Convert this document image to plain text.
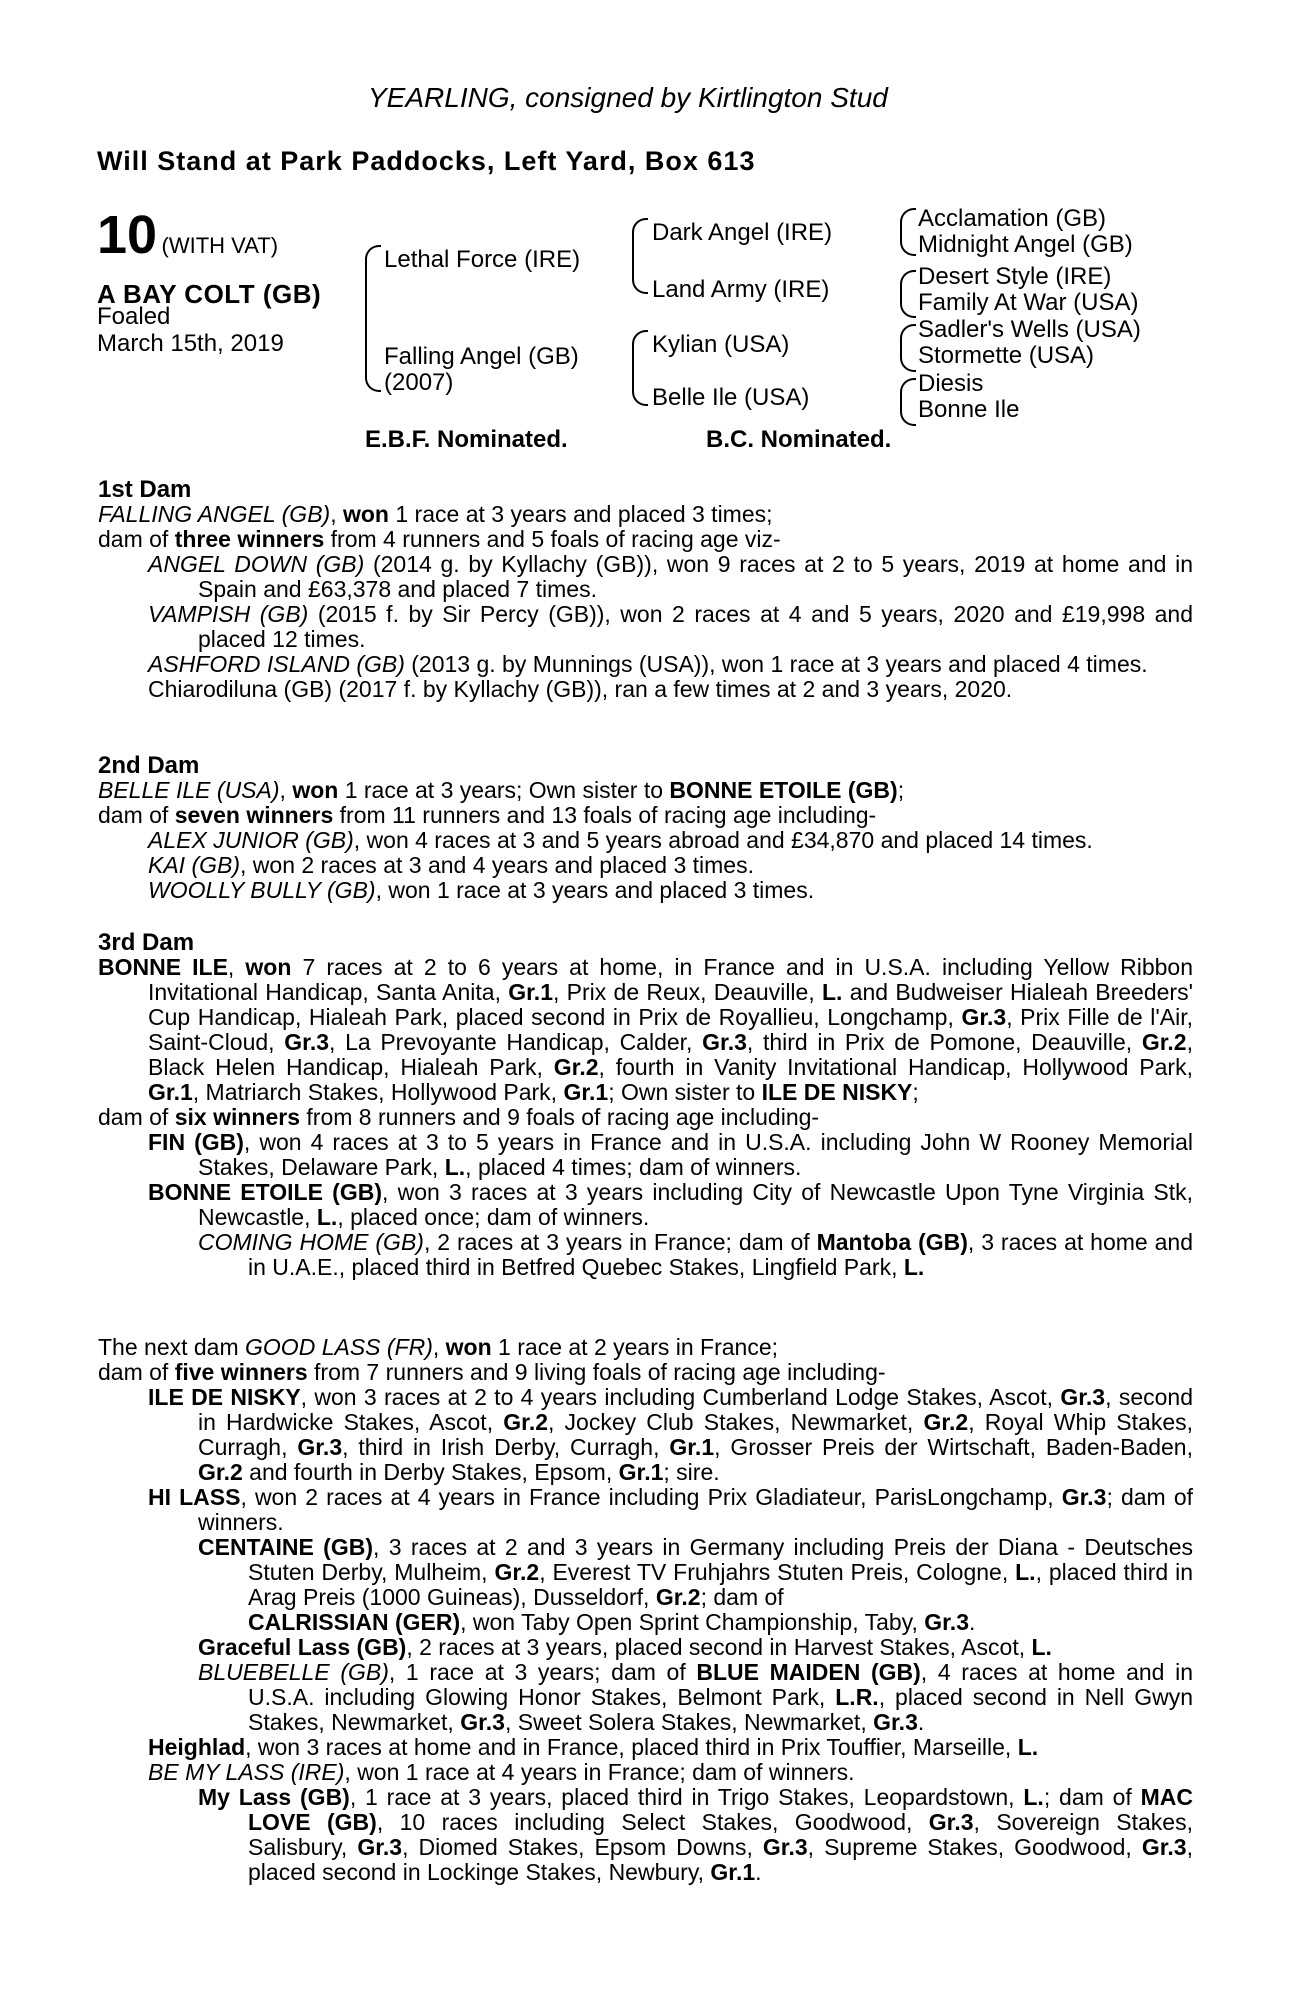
YEARLING, consigned by Kirtlington Stud
Will Stand at Park Paddocks, Left Yard, Box 613
10 (WITH VAT)
A BAY COLT (GB)
Foaled
March 15th, 2019
Lethal Force (IRE)
Falling Angel (GB)
(2007)
Dark Angel (IRE)
Land Army (IRE)
Kylian (USA)
Belle Ile (USA)
Acclamation (GB)
Midnight Angel (GB)
Desert Style (IRE)
Family At War (USA)
Sadler's Wells (USA)
Stormette (USA)
Diesis
Bonne Ile
E.B.F. Nominated.	B.C. Nominated.

1st Dam

FALLING ANGEL (GB), won 1 race at 3 years and placed 3 times;

dam of three winners from 4 runners and 5 foals of racing age viz-

ANGEL DOWN (GB) (2014 g. by Kyllachy (GB)), won 9 races at 2 to 5 years, 2019 at home and in Spain and £63,378 and placed 7 times.

VAMPISH (GB) (2015 f. by Sir Percy (GB)), won 2 races at 4 and 5 years, 2020 and £19,998 and placed 12 times.

ASHFORD ISLAND (GB) (2013 g. by Munnings (USA)), won 1 race at 3 years and placed 4 times.

Chiarodiluna (GB) (2017 f. by Kyllachy (GB)), ran a few times at 2 and 3 years, 2020.

2nd Dam

BELLE ILE (USA), won 1 race at 3 years; Own sister to BONNE ETOILE (GB);

dam of seven winners from 11 runners and 13 foals of racing age including-

ALEX JUNIOR (GB), won 4 races at 3 and 5 years abroad and £34,870 and placed 14 times.

KAI (GB), won 2 races at 3 and 4 years and placed 3 times.

WOOLLY BULLY (GB), won 1 race at 3 years and placed 3 times.

3rd Dam

BONNE ILE, won 7 races at 2 to 6 years at home, in France and in U.S.A. including Yellow Ribbon Invitational Handicap, Santa Anita, Gr.1, Prix de Reux, Deauville, L. and Budweiser Hialeah Breeders' Cup Handicap, Hialeah Park, placed second in Prix de Royallieu, Longchamp, Gr.3, Prix Fille de l'Air, Saint-Cloud, Gr.3, La Prevoyante Handicap, Calder, Gr.3, third in Prix de Pomone, Deauville, Gr.2, Black Helen Handicap, Hialeah Park, Gr.2, fourth in Vanity Invitational Handicap, Hollywood Park, Gr.1, Matriarch Stakes, Hollywood Park, Gr.1; Own sister to ILE DE NISKY;

dam of six winners from 8 runners and 9 foals of racing age including-

FIN (GB), won 4 races at 3 to 5 years in France and in U.S.A. including John W Rooney Memorial Stakes, Delaware Park, L., placed 4 times; dam of winners.

BONNE ETOILE (GB), won 3 races at 3 years including City of Newcastle Upon Tyne Virginia Stk, Newcastle, L., placed once; dam of winners.

COMING HOME (GB), 2 races at 3 years in France; dam of Mantoba (GB), 3 races at home and in U.A.E., placed third in Betfred Quebec Stakes, Lingfield Park, L.

The next dam GOOD LASS (FR), won 1 race at 2 years in France;

dam of five winners from 7 runners and 9 living foals of racing age including-

ILE DE NISKY, won 3 races at 2 to 4 years including Cumberland Lodge Stakes, Ascot, Gr.3, second in Hardwicke Stakes, Ascot, Gr.2, Jockey Club Stakes, Newmarket, Gr.2, Royal Whip Stakes, Curragh, Gr.3, third in Irish Derby, Curragh, Gr.1, Grosser Preis der Wirtschaft, Baden-Baden, Gr.2 and fourth in Derby Stakes, Epsom, Gr.1; sire.

HI LASS, won 2 races at 4 years in France including Prix Gladiateur, ParisLongchamp, Gr.3; dam of winners.

CENTAINE (GB), 3 races at 2 and 3 years in Germany including Preis der Diana - Deutsches Stuten Derby, Mulheim, Gr.2, Everest TV Fruhjahrs Stuten Preis, Cologne, L., placed third in Arag Preis (1000 Guineas), Dusseldorf, Gr.2; dam of
CALRISSIAN (GER), won Taby Open Sprint Championship, Taby, Gr.3.

Graceful Lass (GB), 2 races at 3 years, placed second in Harvest Stakes, Ascot, L.

BLUEBELLE (GB), 1 race at 3 years; dam of BLUE MAIDEN (GB), 4 races at home and in U.S.A. including Glowing Honor Stakes, Belmont Park, L.R., placed second in Nell Gwyn Stakes, Newmarket, Gr.3, Sweet Solera Stakes, Newmarket, Gr.3.

Heighlad, won 3 races at home and in France, placed third in Prix Touffier, Marseille, L.

BE MY LASS (IRE), won 1 race at 4 years in France; dam of winners.

My Lass (GB), 1 race at 3 years, placed third in Trigo Stakes, Leopardstown, L.; dam of MAC LOVE (GB), 10 races including Select Stakes, Goodwood, Gr.3, Sovereign Stakes, Salisbury, Gr.3, Diomed Stakes, Epsom Downs, Gr.3, Supreme Stakes, Goodwood, Gr.3, placed second in Lockinge Stakes, Newbury, Gr.1.
